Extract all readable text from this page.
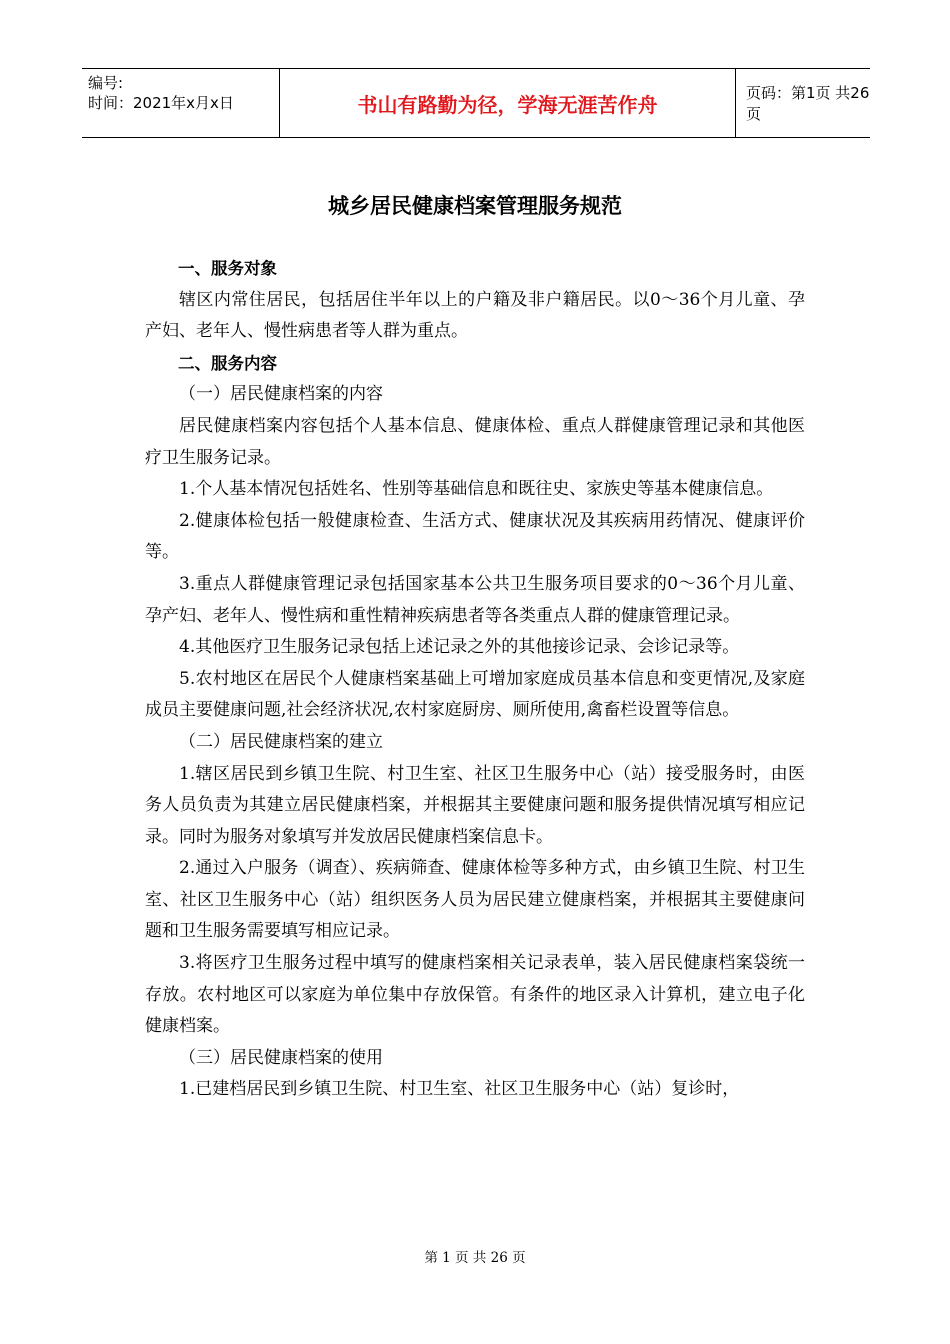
编号:
时间：2021年x月x日	书山有路勤为径，学海无涯苦作舟	页码：第1页 共26页
城乡居民健康档案管理服务规范

一、服务对象

辖区内常住居民，包括居住半年以上的户籍及非户籍居民。以0～36个月儿童、孕产妇、老年人、慢性病患者等人群为重点。

二、服务内容

（一）居民健康档案的内容

居民健康档案内容包括个人基本信息、健康体检、重点人群健康管理记录和其他医疗卫生服务记录。

1.个人基本情况包括姓名、性别等基础信息和既往史、家族史等基本健康信息。

2.健康体检包括一般健康检查、生活方式、健康状况及其疾病用药情况、健康评价等。

3.重点人群健康管理记录包括国家基本公共卫生服务项目要求的0～36个月儿童、孕产妇、老年人、慢性病和重性精神疾病患者等各类重点人群的健康管理记录。

4.其他医疗卫生服务记录包括上述记录之外的其他接诊记录、会诊记录等。

5.农村地区在居民个人健康档案基础上可增加家庭成员基本信息和变更情况,及家庭成员主要健康问题,社会经济状况,农村家庭厨房、厕所使用,禽畜栏设置等信息。

（二）居民健康档案的建立

1.辖区居民到乡镇卫生院、村卫生室、社区卫生服务中心（站）接受服务时，由医务人员负责为其建立居民健康档案，并根据其主要健康问题和服务提供情况填写相应记录。同时为服务对象填写并发放居民健康档案信息卡。

2.通过入户服务（调查）、疾病筛查、健康体检等多种方式，由乡镇卫生院、村卫生室、社区卫生服务中心（站）组织医务人员为居民建立健康档案，并根据其主要健康问题和卫生服务需要填写相应记录。

3.将医疗卫生服务过程中填写的健康档案相关记录表单，装入居民健康档案袋统一存放。农村地区可以家庭为单位集中存放保管。有条件的地区录入计算机，建立电子化健康档案。

（三）居民健康档案的使用

1.已建档居民到乡镇卫生院、村卫生室、社区卫生服务中心（站）复诊时，

第 1 页 共 26 页
